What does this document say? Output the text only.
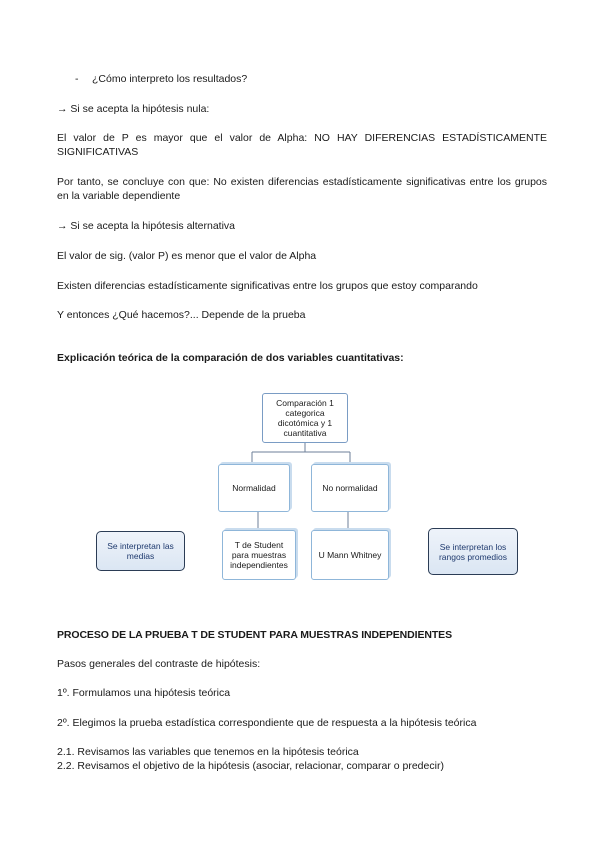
- ¿Cómo interpreto los resultados?
→ Si se acepta la hipótesis nula:
El valor de P es mayor que el valor de Alpha: NO HAY DIFERENCIAS ESTADÍSTICAMENTE SIGNIFICATIVAS
Por tanto, se concluye con que: No existen diferencias estadísticamente significativas entre los grupos en la variable dependiente
→ Si se acepta la hipótesis alternativa
El valor de sig. (valor P) es menor que el valor de Alpha
Existen diferencias estadísticamente significativas entre los grupos que estoy comparando
Y entonces ¿Qué hacemos?... Depende de la prueba
Explicación teórica de la comparación de dos variables cuantitativas:
Comparación 1 categorica dicotómica y 1 cuantitativa
Normalidad	No normalidad
T de Student para muestras independientes
U Mann Whitney
Se interpretan las medias
Se interpretan los rangos promedios
PROCESO DE LA PRUEBA T DE STUDENT PARA MUESTRAS INDEPENDIENTES
Pasos generales del contraste de hipótesis:
1º. Formulamos una hipótesis teórica
2º. Elegimos la prueba estadística correspondiente que de respuesta a la hipótesis teórica
2.1. Revisamos las variables que tenemos en la hipótesis teórica
2.2. Revisamos el objetivo de la hipótesis (asociar, relacionar, comparar o predecir)
